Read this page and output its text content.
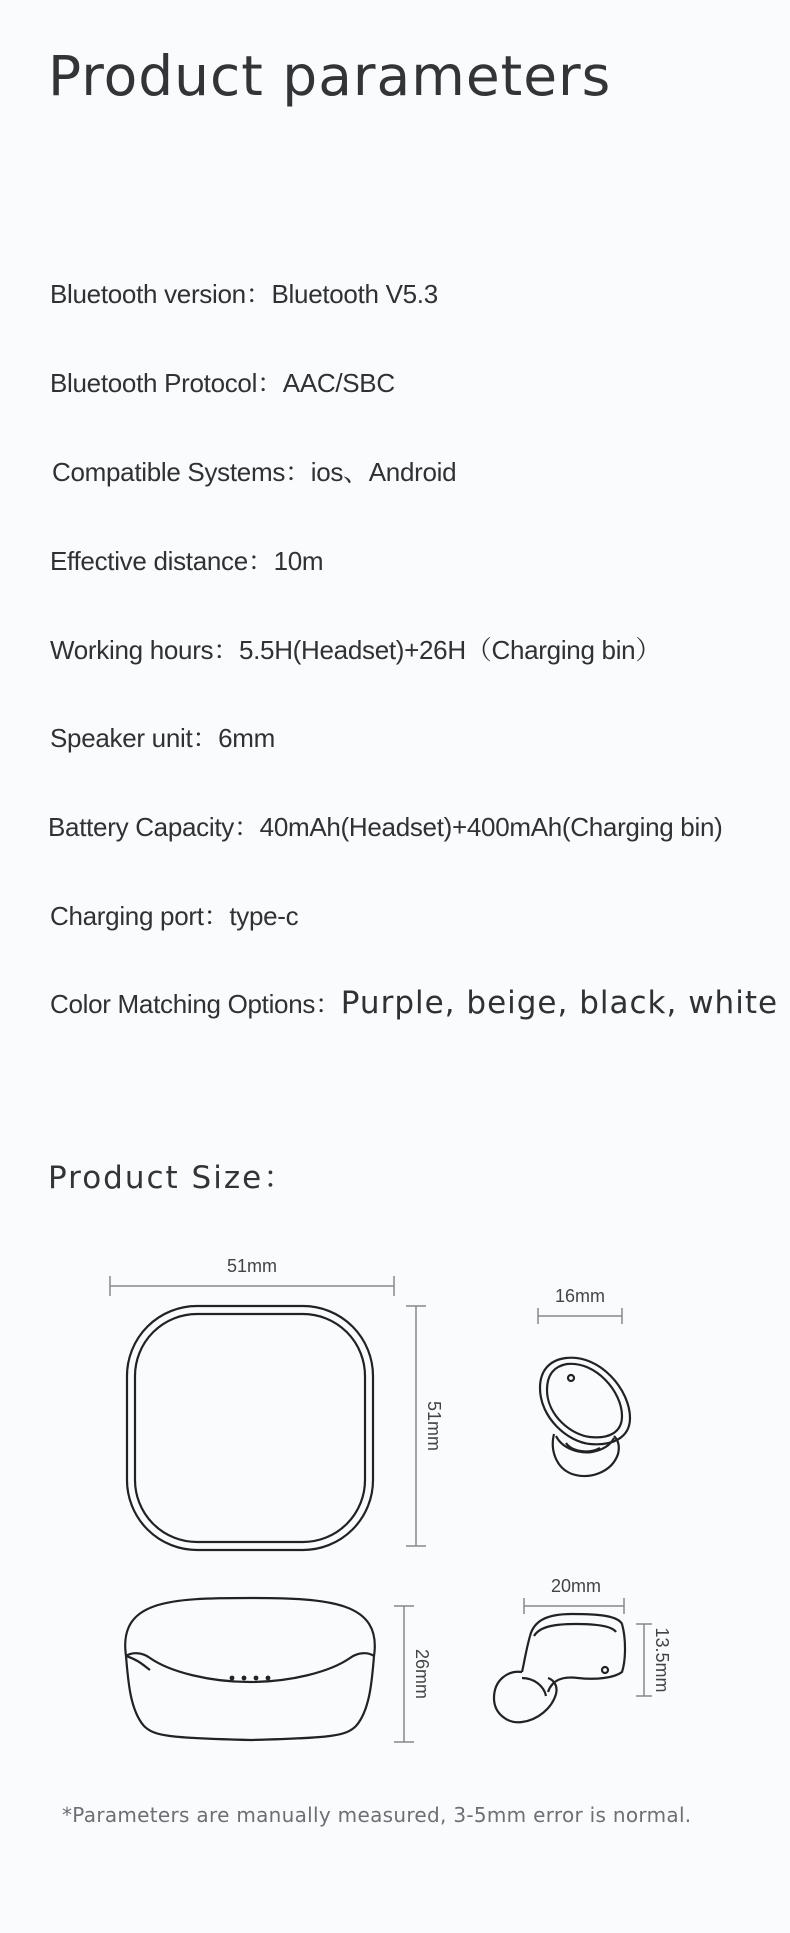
Product parameters
Bluetooth version：Bluetooth V5.3
Bluetooth Protocol：AAC/SBC
Compatible Systems：ios、Android
Effective distance：10m
Working hours：5.5H(Headset)+26H（Charging bin）
Speaker unit：6mm
Battery Capacity：40mAh(Headset)+400mAh(Charging bin)
Charging port：type-c
Color Matching Options：Purple, beige, black, white
Product Size：
51mm
51mm
16mm
26mm
20mm
13.5mm
*Parameters are manually measured, 3-5mm error is normal.
